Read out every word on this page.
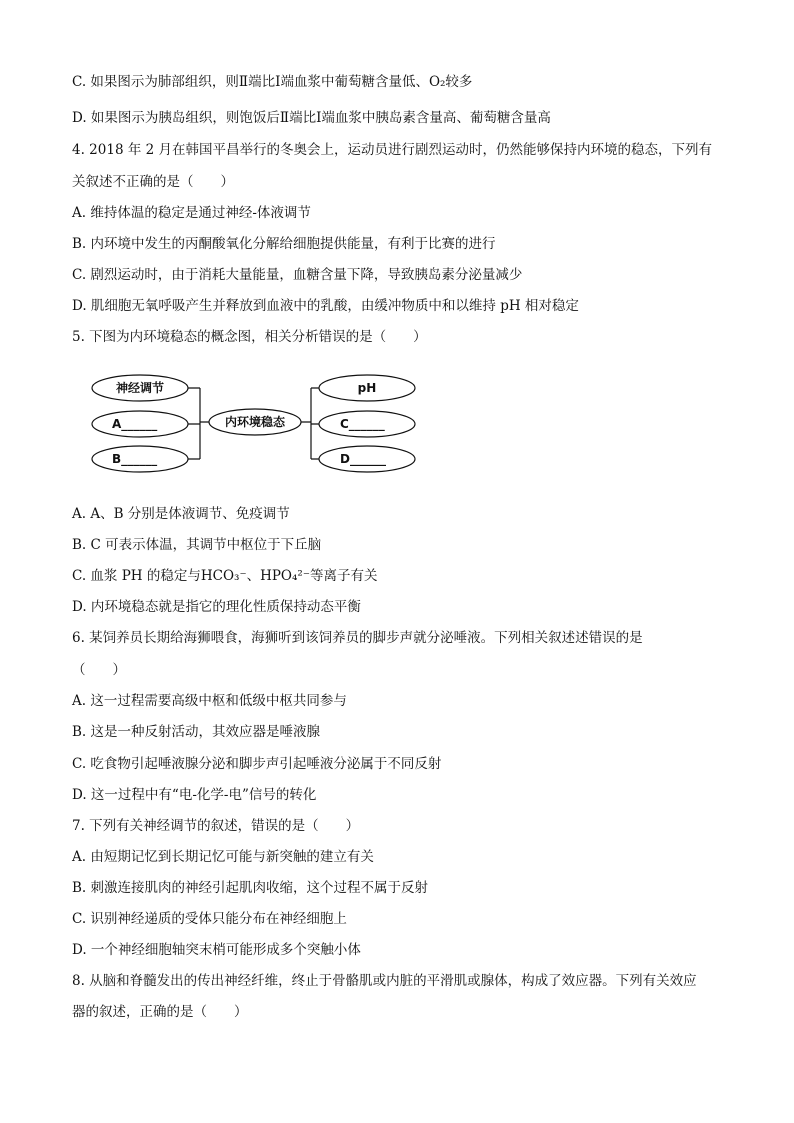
C. 如果图示为肺部组织，则Ⅱ端比Ⅰ端血浆中葡萄糖含量低、O₂较多
D. 如果图示为胰岛组织，则饱饭后Ⅱ端比Ⅰ端血浆中胰岛素含量高、葡萄糖含量高
4. 2018 年 2 月在韩国平昌举行的冬奥会上，运动员进行剧烈运动时，仍然能够保持内环境的稳态，下列有
关叙述不正确的是（　　）
A. 维持体温的稳定是通过神经-体液调节
B. 内环境中发生的丙酮酸氧化分解给细胞提供能量，有利于比赛的进行
C. 剧烈运动时，由于消耗大量能量，血糖含量下降，导致胰岛素分泌量减少
D. 肌细胞无氧呼吸产生并释放到血液中的乳酸，由缓冲物质中和以维持 pH 相对稳定
5. 下图为内环境稳态的概念图，相关分析错误的是（　　）
神经调节
A______
B______
内环境稳态
pH
C______
D______
A. A、B 分别是体液调节、免疫调节
B. C 可表示体温，其调节中枢位于下丘脑
C. 血浆 PH 的稳定与HCO₃⁻、HPO₄²⁻等离子有关
D. 内环境稳态就是指它的理化性质保持动态平衡
6. 某饲养员长期给海狮喂食，海狮听到该饲养员的脚步声就分泌唾液。下列相关叙述述错误的是
（　　）
A. 这一过程需要高级中枢和低级中枢共同参与
B. 这是一种反射活动，其效应器是唾液腺
C. 吃食物引起唾液腺分泌和脚步声引起唾液分泌属于不同反射
D. 这一过程中有“电-化学-电”信号的转化
7. 下列有关神经调节的叙述，错误的是（　　）
A. 由短期记忆到长期记忆可能与新突触的建立有关
B. 刺激连接肌肉的神经引起肌肉收缩，这个过程不属于反射
C. 识别神经递质的受体只能分布在神经细胞上
D. 一个神经细胞轴突末梢可能形成多个突触小体
8. 从脑和脊髓发出的传出神经纤维，终止于骨骼肌或内脏的平滑肌或腺体，构成了效应器。下列有关效应
器的叙述，正确的是（　　）
